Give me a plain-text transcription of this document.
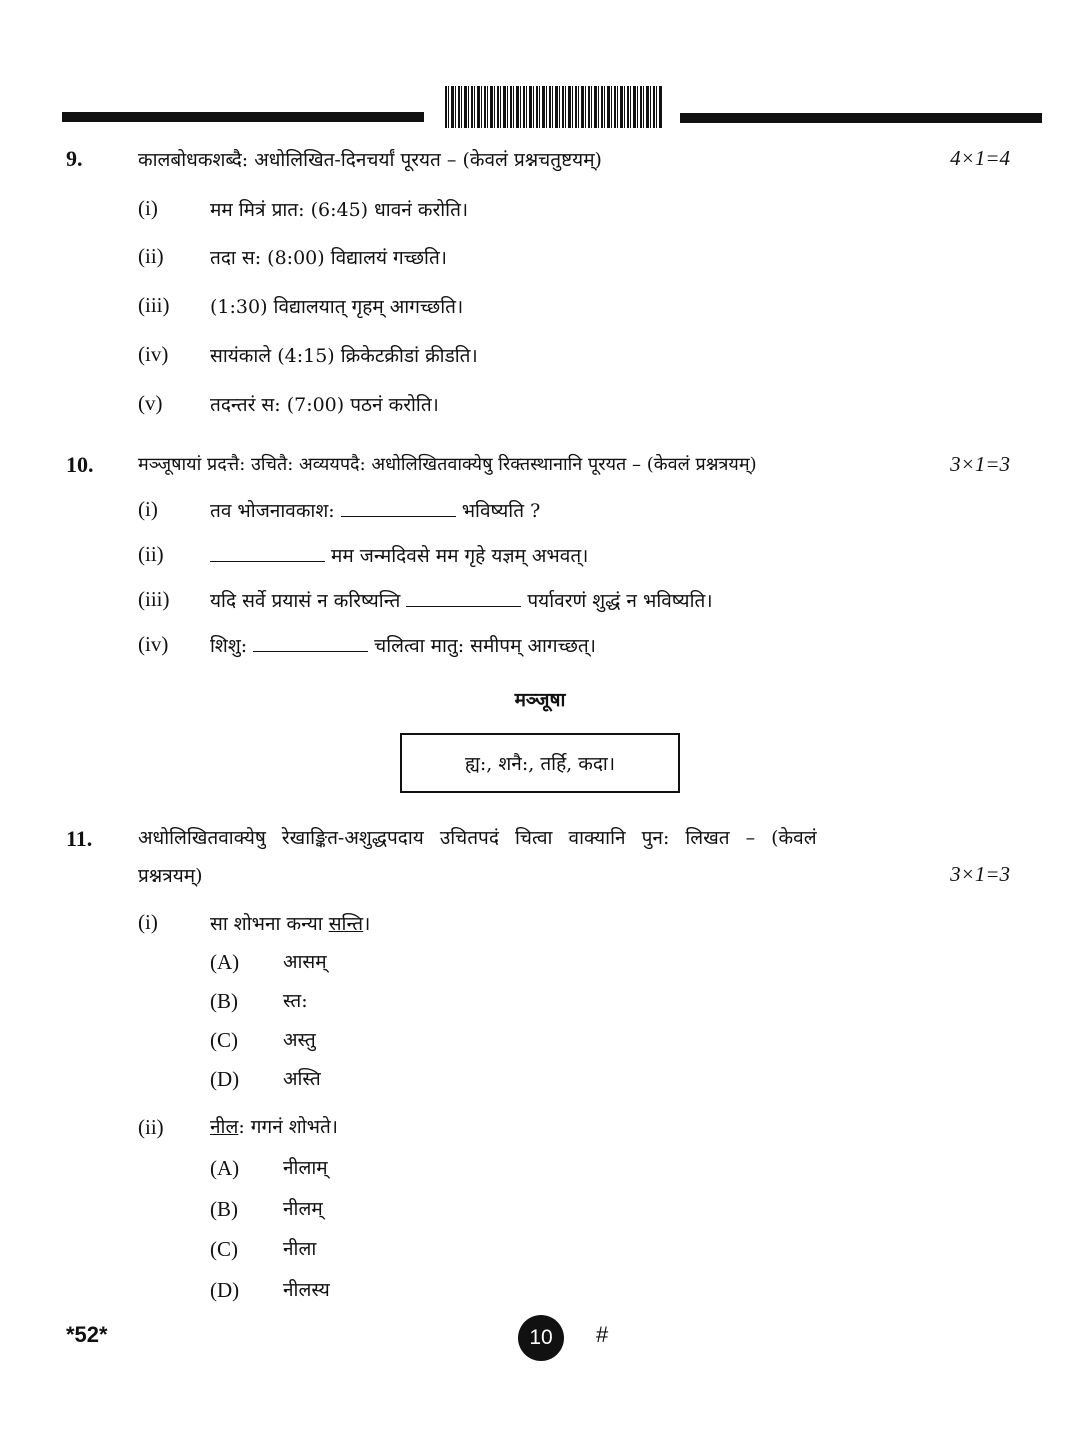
9.	कालबोधकशब्दै: अधोलिखित-दिनचर्यां पूरयत – (केवलं प्रश्नचतुष्टयम्)	4×1=4
(i)	मम मित्रं प्रात: (6:45) धावनं करोति।
(ii) तदा स: (8:00) विद्यालयं गच्छति।
(iii) (1:30) विद्यालयात् गृहम् आगच्छति।
(iv) सायंकाले (4:15) क्रिकेटक्रीडां क्रीडति।
(v)	तदन्तरं स: (7:00) पठनं करोति।
10. मञ्जूषायां प्रदत्तै: उचितै: अव्ययपदै: अधोलिखितवाक्येषु रिक्तस्थानानि पूरयत – (केवलं प्रश्नत्रयम्)	3×1=3
(i)	तव भोजनावकाश:	भविष्यति ?
(ii)	मम जन्मदिवसे मम गृहे यज्ञम् अभवत्।
(iii) यदि सर्वे प्रयासं न करिष्यन्ति	पर्यावरणं शुद्धं न भविष्यति।
(iv) शिशु:	चलित्वा मातु: समीपम् आगच्छत्।
मञ्जूषा
ह्य:, शनै:, तर्हि, कदा।
11. अधोलिखितवाक्येषु रेखाङ्कित-अशुद्धपदाय उचितपदं चित्वा वाक्यानि पुन: लिखत – (केवलं
प्रश्नत्रयम्)	3×1=3
(i)	सा शोभना कन्या सन्ति।
(A) आसम्
(B) स्त:
(C) अस्तु
(D) अस्ति
(ii) नील: गगनं शोभते।
(A) नीलाम्
(B) नीलम्
(C) नीला
(D) नीलस्य
*52*	10 #
